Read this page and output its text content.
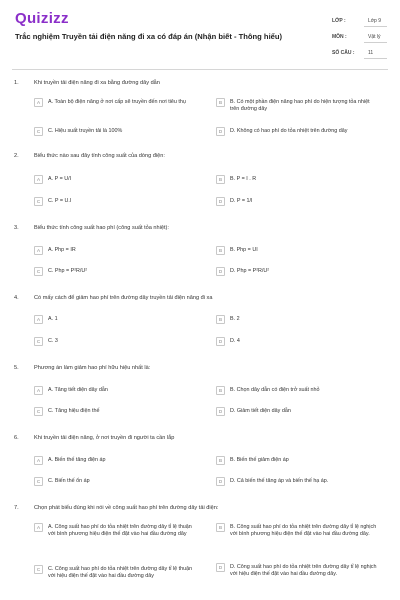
Quizizz
Trắc nghiệm Truyền tải điện năng đi xa có đáp án (Nhận biết - Thông hiểu)
LỚP :	Lớp 9
MÔN :	Vật lý
SỐ CÂU :	11
1.	Khi truyền tải điện năng đi xa bằng đường dây dẫn
A	A. Toàn bộ điện năng ở nơi cấp sẽ truyền đến nơi tiêu thụ	B	B. Có một phần điện năng hao phí do hiện tượng tỏa nhiệt trên đường dây
C	C. Hiệu suất truyền tải là 100%	D	D. Không có hao phí do tỏa nhiệt trên đường dây
2.	Biểu thức nào sau đây tính công suất của dòng điện:
A	A. P = U/I	B	B. P = I . R
C	C. P = U.I	D	D. P = 1/I
3.	Biểu thức tính công suất hao phí (công suất tỏa nhiệt):
A	A. Php = IR	B	B. Php = UI
C	C. Php = P²R/U²	D	D. Php = P²R/U²
4.	Có mấy cách để giảm hao phí trên đường dây truyền tải điện năng đi xa
A	A. 1	B	B. 2
C	C. 3	D	D. 4
5.	Phương án làm giảm hao phí hữu hiệu nhất là:
A	A. Tăng tiết diện dây dẫn	B	B. Chọn dây dẫn có điện trở suất nhỏ
C	C. Tăng hiệu điện thế	D	D. Giảm tiết diện dây dẫn
6.	Khi truyền tải điện năng, ở nơi truyền đi người ta cần lắp
A	A. Biến thế tăng điện áp	B	B. Biến thế giảm điện áp
C	C. Biến thế ổn áp	D	D. Cả biến thế tăng áp và biến thế hạ áp.
7.	Chọn phát biểu đúng khi nói về công suất hao phí trên đường dây tải điện:
A	A. Công suất hao phí do tỏa nhiệt trên đường dây tỉ lệ thuận với bình phương hiệu điện thế đặt vào hai đầu đường dây
B	B. Công suất hao phí do tỏa nhiệt trên đường dây tỉ lệ nghịch với bình phương hiệu điện thế đặt vào hai đầu đường dây.
C	C. Công suất hao phí do tỏa nhiệt trên đường dây tỉ lệ thuận với hiệu điện thế đặt vào hai đầu đường dây
D	D. Công suất hao phí do tỏa nhiệt trên đường dây tỉ lệ nghịch với hiệu điện thế đặt vào hai đầu đường dây.
